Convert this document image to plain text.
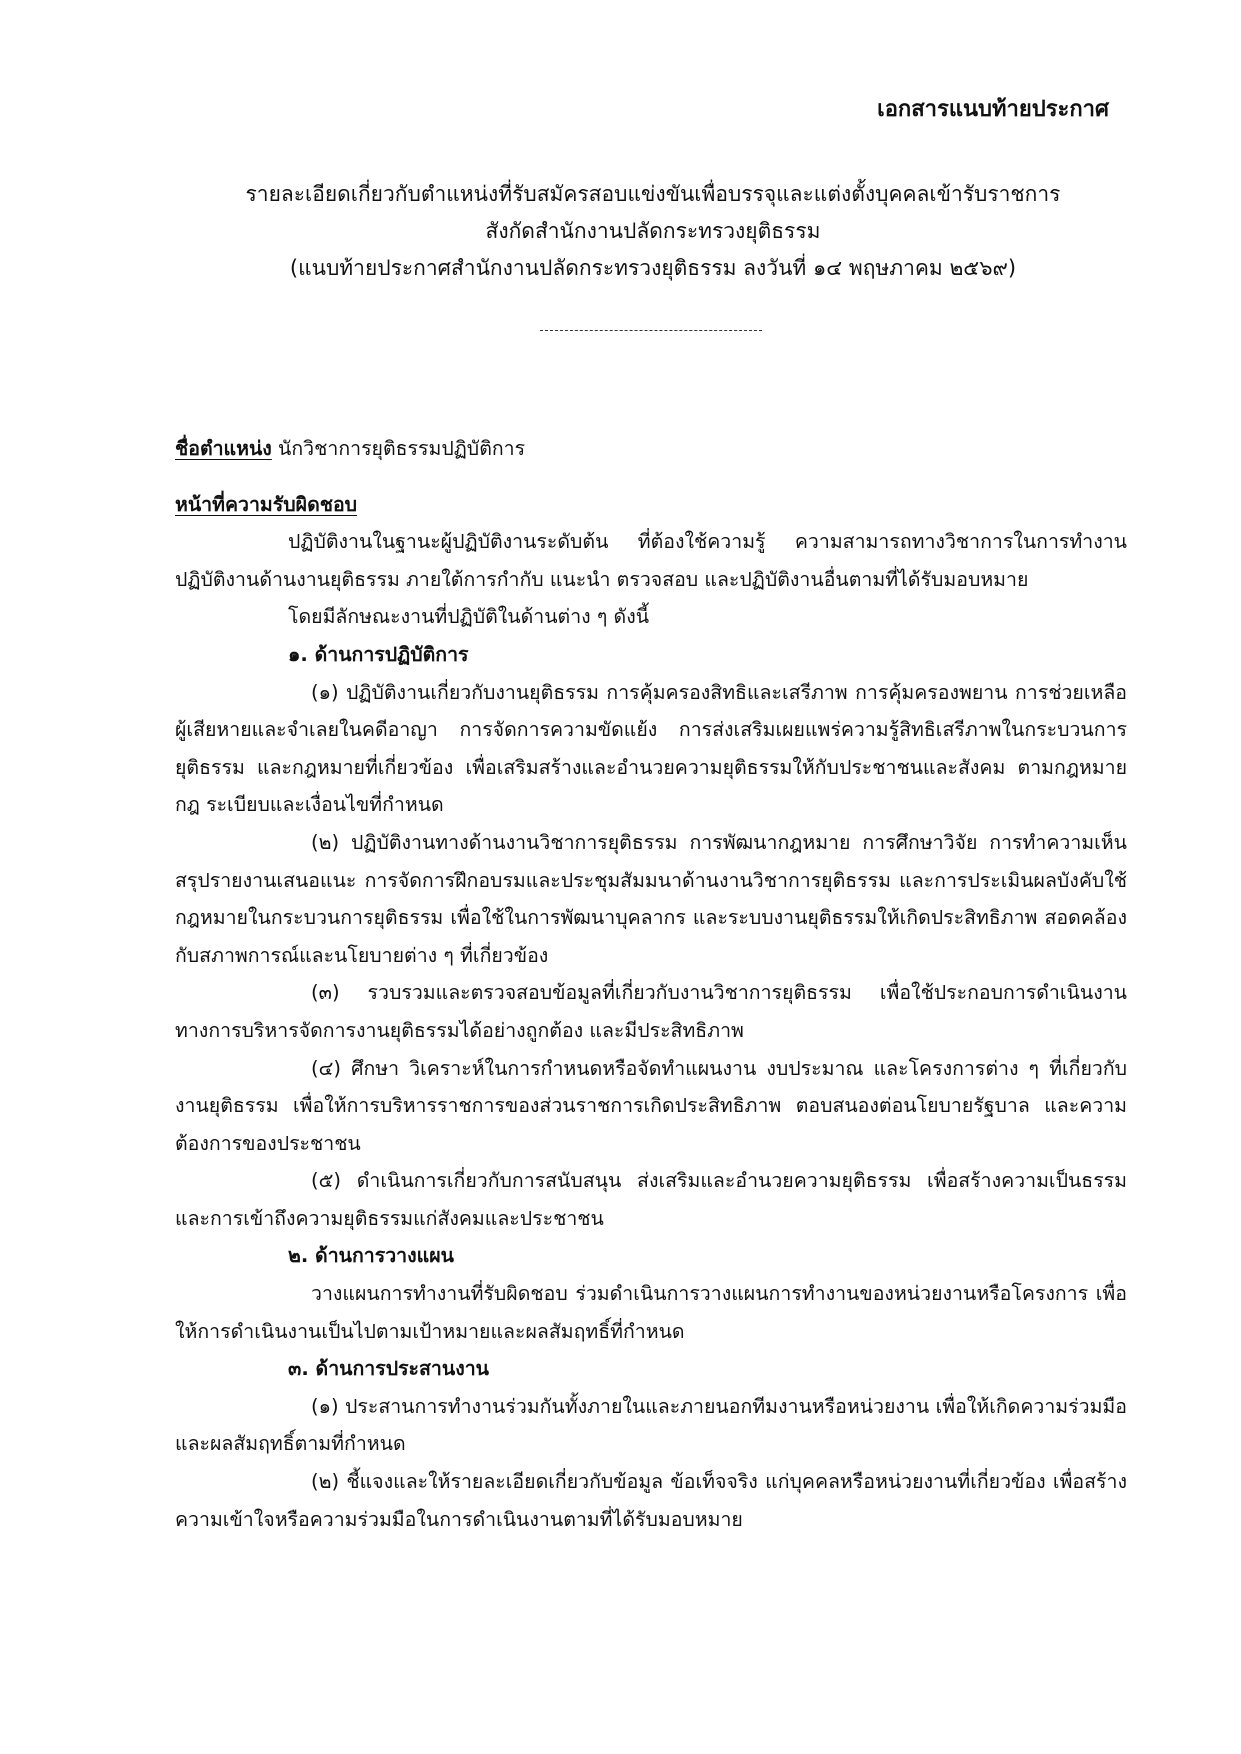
เอกสารแนบท้ายประกาศ
รายละเอียดเกี่ยวกับตำแหน่งที่รับสมัครสอบแข่งขันเพื่อบรรจุและแต่งตั้งบุคคลเข้ารับราชการ
สังกัดสำนักงานปลัดกระทรวงยุติธรรม
(แนบท้ายประกาศสำนักงานปลัดกระทรวงยุติธรรม ลงวันที่ ๑๔ พฤษภาคม ๒๕๖๙)

ชื่อตำแหน่ง นักวิชาการยุติธรรมปฏิบัติการ

หน้าที่ความรับผิดชอบ

ปฏิบัติงานในฐานะผู้ปฏิบัติงานระดับต้น ที่ต้องใช้ความรู้ ความสามารถทางวิชาการในการทำงาน ปฏิบัติงานด้านงานยุติธรรม ภายใต้การกำกับ แนะนำ ตรวจสอบ และปฏิบัติงานอื่นตามที่ได้รับมอบหมาย

โดยมีลักษณะงานที่ปฏิบัติในด้านต่าง ๆ ดังนี้

๑. ด้านการปฏิบัติการ

(๑) ปฏิบัติงานเกี่ยวกับงานยุติธรรม การคุ้มครองสิทธิและเสรีภาพ การคุ้มครองพยาน การช่วยเหลือผู้เสียหายและจำเลยในคดีอาญา การจัดการความขัดแย้ง การส่งเสริมเผยแพร่ความรู้สิทธิเสรีภาพในกระบวนการยุติธรรม และกฎหมายที่เกี่ยวข้อง เพื่อเสริมสร้างและอำนวยความยุติธรรมให้กับประชาชนและสังคม ตามกฎหมาย กฎ ระเบียบและเงื่อนไขที่กำหนด

(๒) ปฏิบัติงานทางด้านงานวิชาการยุติธรรม การพัฒนากฎหมาย การศึกษาวิจัย การทำความเห็น สรุปรายงานเสนอแนะ การจัดการฝึกอบรมและประชุมสัมมนาด้านงานวิชาการยุติธรรม และการประเมินผลบังคับใช้กฎหมายในกระบวนการยุติธรรม เพื่อใช้ในการพัฒนาบุคลากร และระบบงานยุติธรรมให้เกิดประสิทธิภาพ สอดคล้องกับสภาพการณ์และนโยบายต่าง ๆ ที่เกี่ยวข้อง

(๓) รวบรวมและตรวจสอบข้อมูลที่เกี่ยวกับงานวิชาการยุติธรรม เพื่อใช้ประกอบการดำเนินงานทางการบริหารจัดการงานยุติธรรมได้อย่างถูกต้อง และมีประสิทธิภาพ

(๔) ศึกษา วิเคราะห์ในการกำหนดหรือจัดทำแผนงาน งบประมาณ และโครงการต่าง ๆ ที่เกี่ยวกับงานยุติธรรม เพื่อให้การบริหารราชการของส่วนราชการเกิดประสิทธิภาพ ตอบสนองต่อนโยบายรัฐบาล และความต้องการของประชาชน

(๕) ดำเนินการเกี่ยวกับการสนับสนุน ส่งเสริมและอำนวยความยุติธรรม เพื่อสร้างความเป็นธรรม และการเข้าถึงความยุติธรรมแก่สังคมและประชาชน

๒. ด้านการวางแผน

วางแผนการทำงานที่รับผิดชอบ ร่วมดำเนินการวางแผนการทำงานของหน่วยงานหรือโครงการ เพื่อให้การดำเนินงานเป็นไปตามเป้าหมายและผลสัมฤทธิ์ที่กำหนด

๓. ด้านการประสานงาน

(๑) ประสานการทำงานร่วมกันทั้งภายในและภายนอกทีมงานหรือหน่วยงาน เพื่อให้เกิดความร่วมมือและผลสัมฤทธิ์ตามที่กำหนด

(๒) ชี้แจงและให้รายละเอียดเกี่ยวกับข้อมูล ข้อเท็จจริง แก่บุคคลหรือหน่วยงานที่เกี่ยวข้อง เพื่อสร้างความเข้าใจหรือความร่วมมือในการดำเนินงานตามที่ได้รับมอบหมาย
